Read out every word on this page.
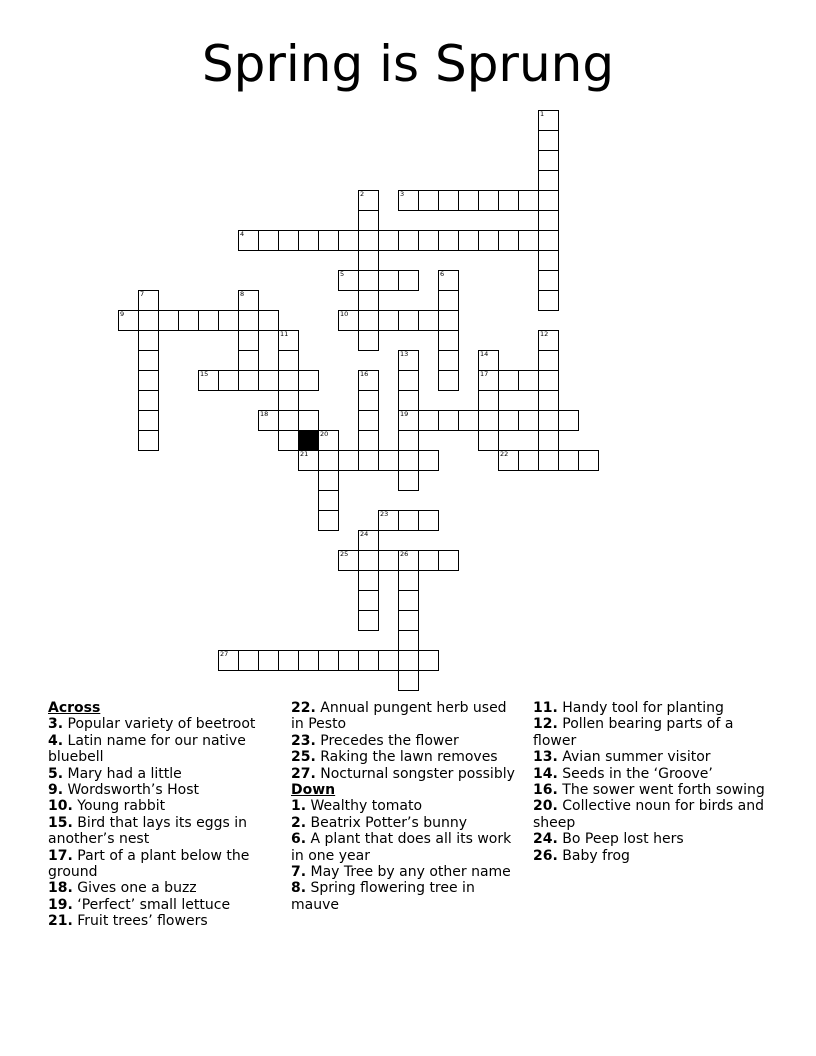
Spring is Sprung
1
2	3
4
5	6
7	8
9	10
11	12
13	14
15	16	17
18	19
20
21	22
23
24
25	26
27
Across

3. Popular variety of beetroot

4. Latin name for our native bluebell

5. Mary had a little

9. Wordsworth’s Host

10. Young rabbit

15. Bird that lays its eggs in another’s nest

17. Part of a plant below the ground

18. Gives one a buzz

19. ‘Perfect’ small lettuce

21. Fruit trees’ flowers

22. Annual pungent herb used in Pesto

23. Precedes the flower

25. Raking the lawn removes

27. Nocturnal songster possibly

Down

1. Wealthy tomato

2. Beatrix Potter’s bunny

6. A plant that does all its work in one year

7. May Tree by any other name

8. Spring flowering tree in mauve

11. Handy tool for planting

12. Pollen bearing parts of a flower

13. Avian summer visitor

14. Seeds in the ‘Groove’

16. The sower went forth sowing

20. Collective noun for birds and sheep

24. Bo Peep lost hers

26. Baby frog
